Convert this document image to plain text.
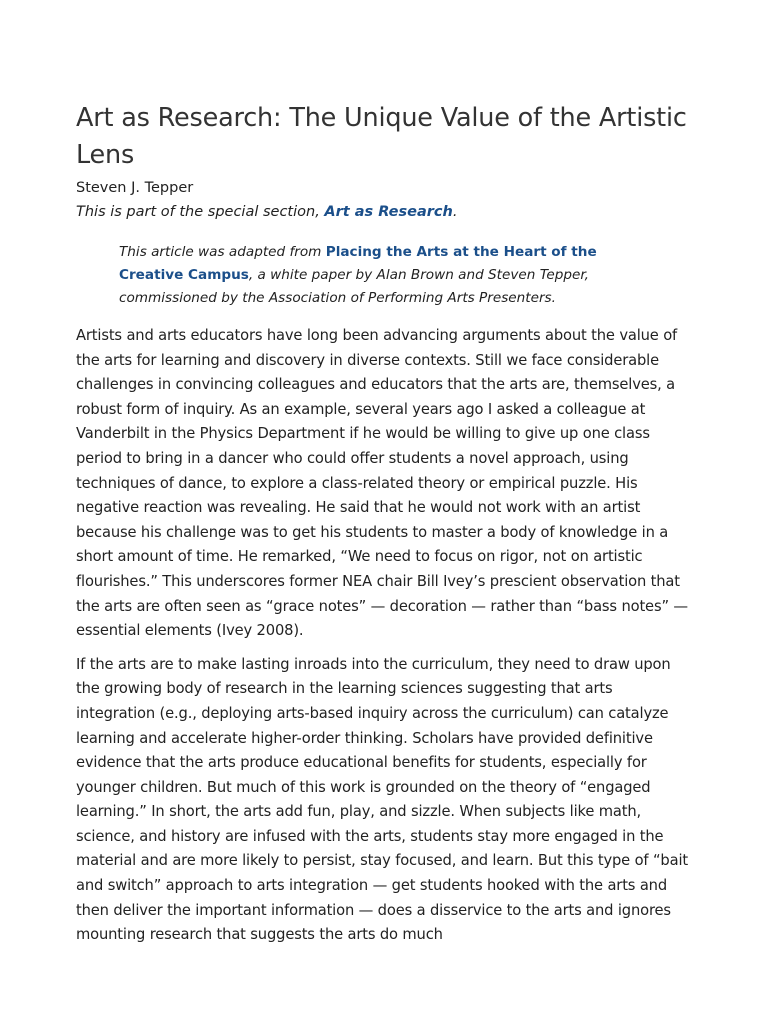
Art as Research: The Unique Value of the Artistic Lens
Steven J. Tepper
This is part of the special section, Art as Research.
This article was adapted from Placing the Arts at the Heart of the Creative Campus, a white paper by Alan Brown and Steven Tepper, commissioned by the Association of Performing Arts Presenters.

Artists and arts educators have long been advancing arguments about the value of the arts for learning and discovery in diverse contexts. Still we face considerable challenges in convincing colleagues and educators that the arts are, themselves, a robust form of inquiry. As an example, several years ago I asked a colleague at Vanderbilt in the Physics Department if he would be willing to give up one class period to bring in a dancer who could offer students a novel approach, using techniques of dance, to explore a class-related theory or empirical puzzle. His negative reaction was revealing. He said that he would not work with an artist because his challenge was to get his students to master a body of knowledge in a short amount of time. He remarked, “We need to focus on rigor, not on artistic flourishes.” This underscores former NEA chair Bill Ivey’s prescient observation that the arts are often seen as “grace notes” — decoration — rather than “bass notes” — essential elements (Ivey 2008).

If the arts are to make lasting inroads into the curriculum, they need to draw upon the growing body of research in the learning sciences suggesting that arts integration (e.g., deploying arts-based inquiry across the curriculum) can catalyze learning and accelerate higher-order thinking. Scholars have provided definitive evidence that the arts produce educational benefits for students, especially for younger children. But much of this work is grounded on the theory of “engaged learning.” In short, the arts add fun, play, and sizzle. When subjects like math, science, and history are infused with the arts, students stay more engaged in the material and are more likely to persist, stay focused, and learn. But this type of “bait and switch” approach to arts integration — get students hooked with the arts and then deliver the important information — does a disservice to the arts and ignores mounting research that suggests the arts do much
